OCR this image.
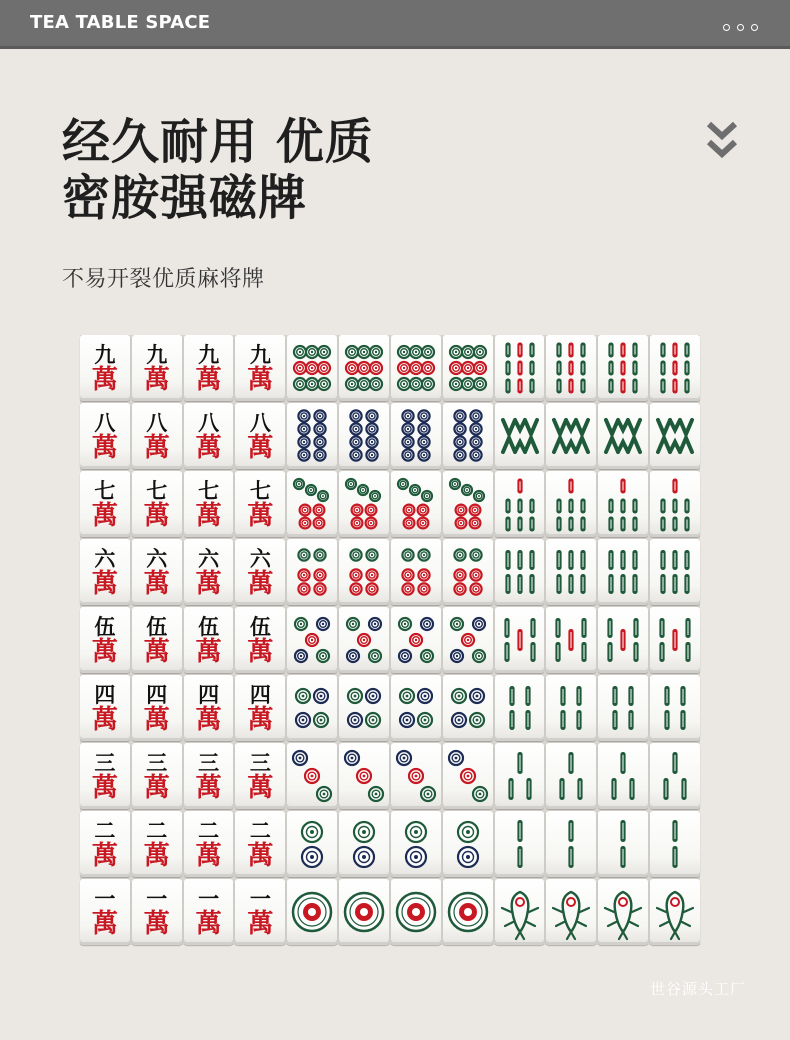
TEA TABLE SPACE
经久耐用 优质
密胺强磁牌
不易开裂优质麻将牌
九
萬
九
萬
九
萬
九
萬
八
萬
八
萬
八
萬
八
萬
七
萬
七
萬
七
萬
七
萬
六
萬
六
萬
六
萬
六
萬
伍
萬
伍
萬
伍
萬
伍
萬
四
萬
四
萬
四
萬
四
萬
三
萬
三
萬
三
萬
三
萬
二
萬
二
萬
二
萬
二
萬
一
萬
一
萬
一
萬
一
萬
世谷源头工厂
